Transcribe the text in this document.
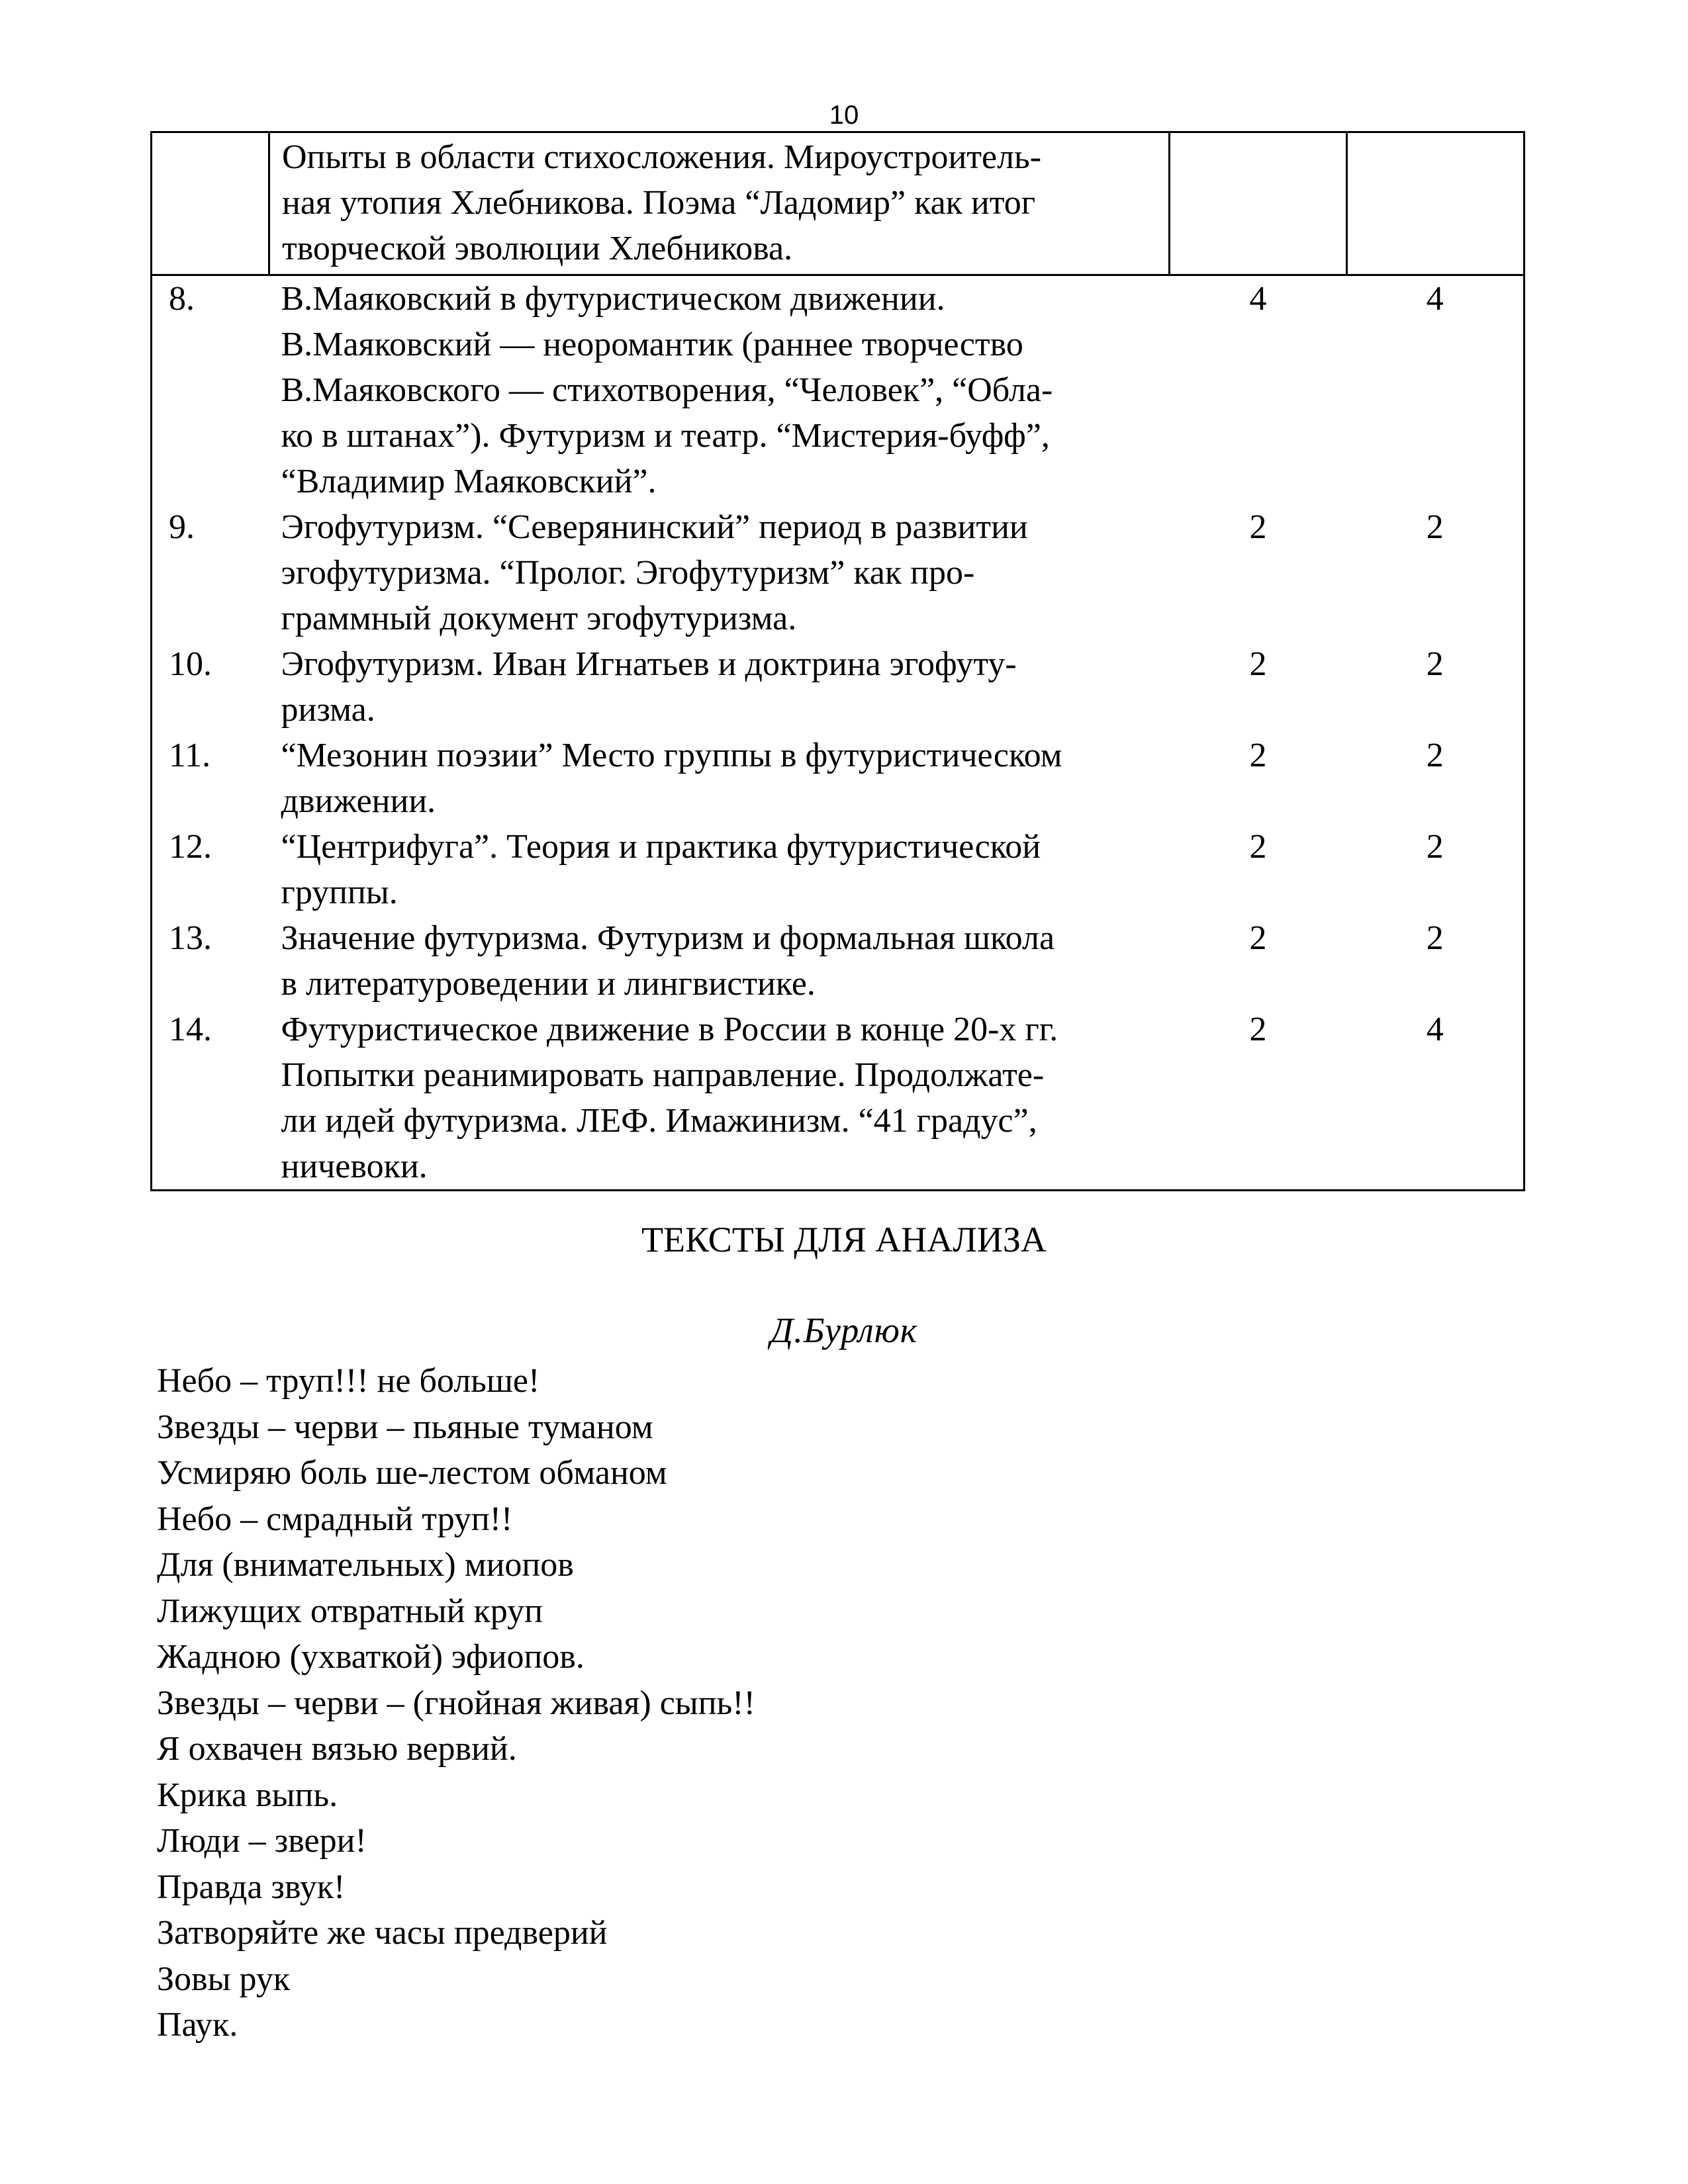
10

	Опыты в области стихосложения. Мироустроитель-
ная утопия Хлебникова. Поэма “Ладомир” как итог
творческой эволюции Хлебникова.		

8.	В.Маяковский в футуристическом движении.
В.Маяковский — неоромантик (раннее творчество
В.Маяковского — стихотворения, “Человек”, “Обла-
ко в штанах”). Футуризм и театр. “Мистерия-буфф”,
“Владимир Маяковский”.	4	4
9.	Эгофутуризм. “Северянинский” период в развитии
эгофутуризма. “Пролог. Эгофутуризм” как про-
граммный документ эгофутуризма.	2	2
10.	Эгофутуризм. Иван Игнатьев и доктрина эгофуту-
ризма.	2	2
11.	“Мезонин поэзии” Место группы в футуристическом
движении.	2	2
12.	“Центрифуга”. Теория и практика футуристической
группы.	2	2
13.	Значение футуризма. Футуризм и формальная школа
в литературоведении и лингвистике.	2	2
14.	Футуристическое движение в России в конце 20-х гг.
Попытки реанимировать направление. Продолжате-
ли идей футуризма. ЛЕФ. Имажинизм. “41 градус”,
ничевоки.	2	4
ТЕКСТЫ ДЛЯ АНАЛИЗА
Д.Бурлюк
Небо – труп!!! не больше!
Звезды – черви – пьяные туманом
Усмиряю боль ше-лестом обманом
Небо – смрадный труп!!
Для (внимательных) миопов
Лижущих отвратный круп
Жадною (ухваткой) эфиопов.
Звезды – черви – (гнойная живая) сыпь!!
Я охвачен вязью вервий.
Крика выпь.
Люди – звери!
Правда звук!
Затворяйте же часы предверий
Зовы рук
Паук.
